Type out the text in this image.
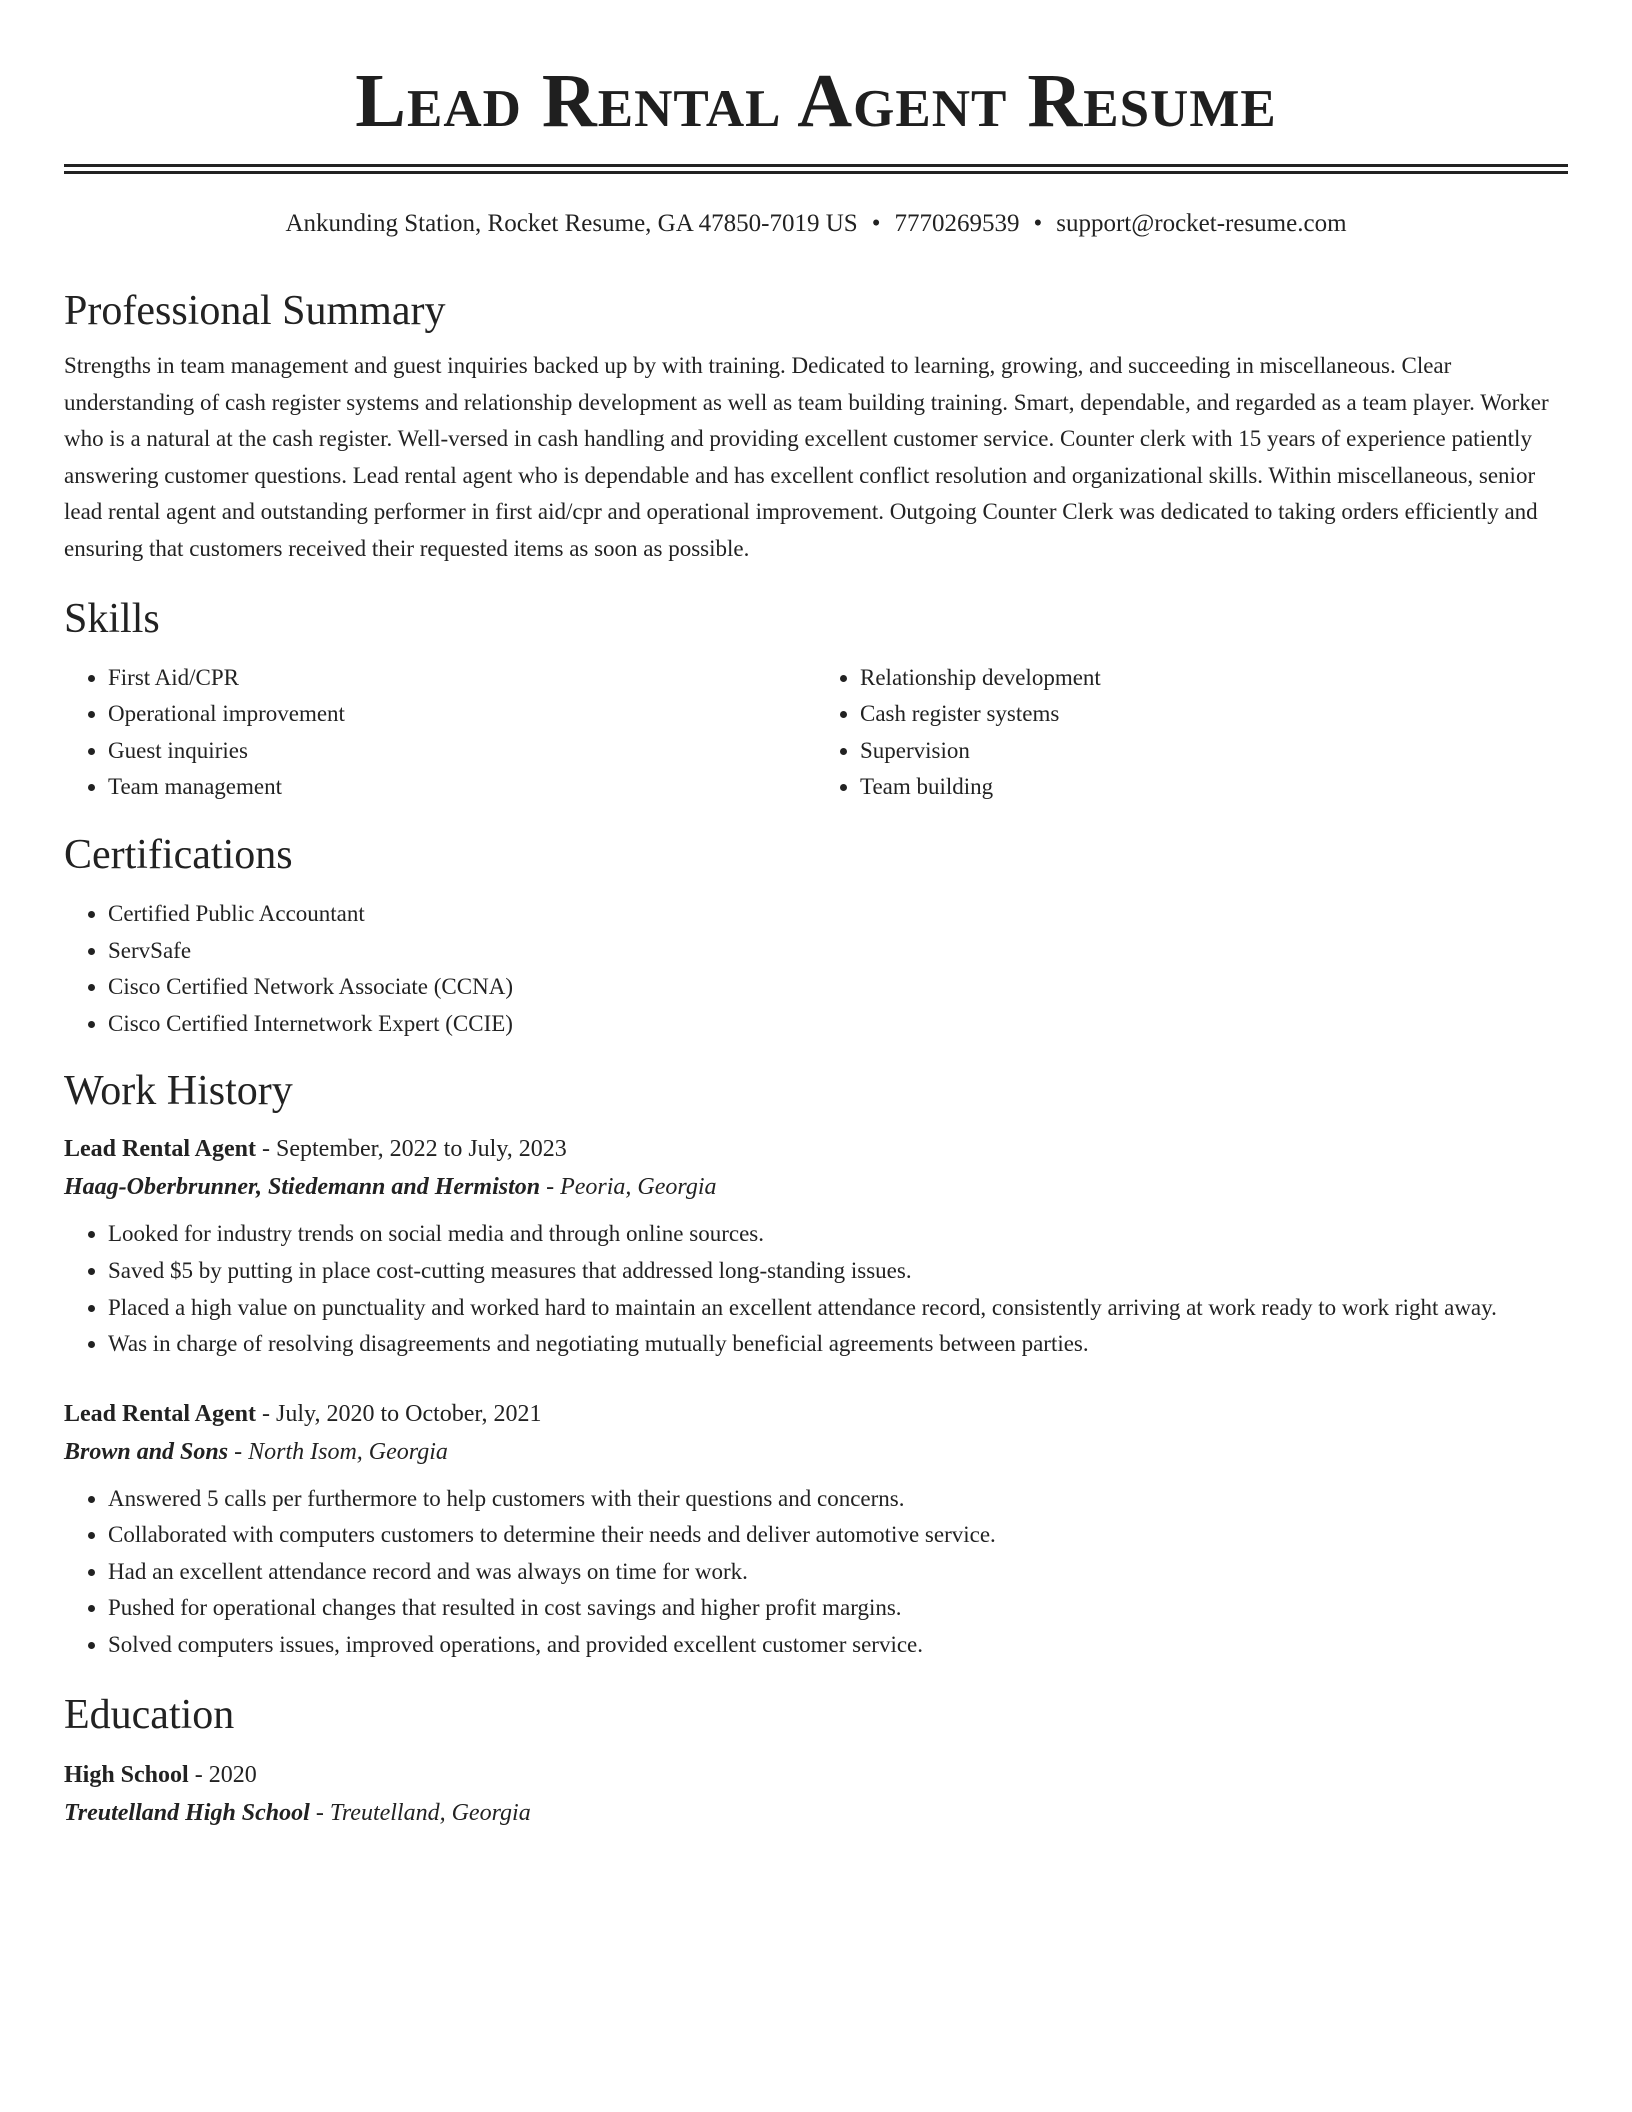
Lead Rental Agent Resume
Ankunding Station, Rocket Resume, GA 47850-7019 US • 7770269539 • support@rocket-resume.com
Professional Summary
Strengths in team management and guest inquiries backed up by with training. Dedicated to learning, growing, and succeeding in miscellaneous. Clear understanding of cash register systems and relationship development as well as team building training. Smart, dependable, and regarded as a team player. Worker who is a natural at the cash register. Well-versed in cash handling and providing excellent customer service. Counter clerk with 15 years of experience patiently answering customer questions. Lead rental agent who is dependable and has excellent conflict resolution and organizational skills. Within miscellaneous, senior lead rental agent and outstanding performer in first aid/cpr and operational improvement. Outgoing Counter Clerk was dedicated to taking orders efficiently and ensuring that customers received their requested items as soon as possible.
Skills
• First Aid/CPR
• Operational improvement
• Guest inquiries
• Team management
• Relationship development
• Cash register systems
• Supervision
• Team building
Certifications
• Certified Public Accountant
• ServSafe
• Cisco Certified Network Associate (CCNA)
• Cisco Certified Internetwork Expert (CCIE)
Work History
Lead Rental Agent - September, 2022 to July, 2023
Haag-Oberbrunner, Stiedemann and Hermiston - Peoria, Georgia
• Looked for industry trends on social media and through online sources.
• Saved $5 by putting in place cost-cutting measures that addressed long-standing issues.
• Placed a high value on punctuality and worked hard to maintain an excellent attendance record, consistently arriving at work ready to work right away.
• Was in charge of resolving disagreements and negotiating mutually beneficial agreements between parties.
Lead Rental Agent - July, 2020 to October, 2021
Brown and Sons - North Isom, Georgia
• Answered 5 calls per furthermore to help customers with their questions and concerns.
• Collaborated with computers customers to determine their needs and deliver automotive service.
• Had an excellent attendance record and was always on time for work.
• Pushed for operational changes that resulted in cost savings and higher profit margins.
• Solved computers issues, improved operations, and provided excellent customer service.
Education
High School - 2020
Treutelland High School - Treutelland, Georgia
